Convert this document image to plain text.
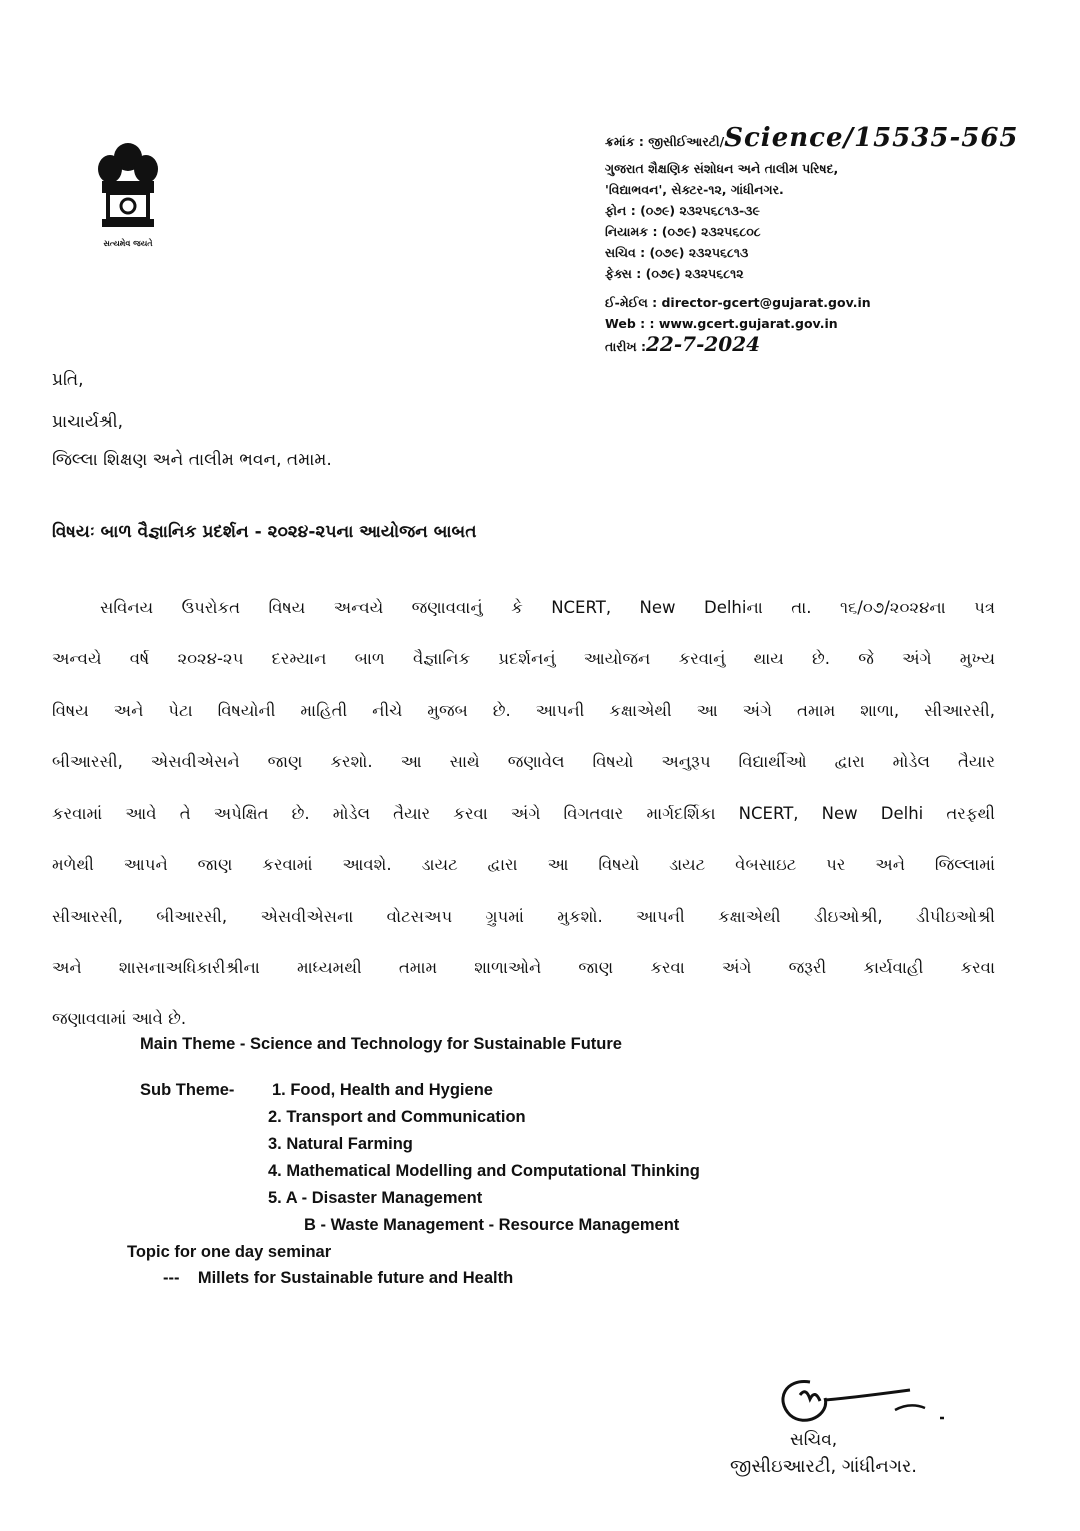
સત્યમેવ જયતે
ક્રમાંક : જીસીઈઆરટી/Science/15535-565
ગુજરાત શૈક્ષણિક સંશોધન અને તાલીમ પરિષદ,
'વિદ્યાભવન', સેક્ટર-૧૨, ગાંધીનગર.
ફોન : (૦૭૯) ૨૩૨૫૬૮૧૩-૩૯
નિયામક : (૦૭૯) ૨૩૨૫૬૮૦૮
સચિવ : (૦૭૯) ૨૩૨૫૬૮૧૩
ફેક્સ : (૦૭૯) ૨૩૨૫૬૮૧૨
ઈ-મેઈલ : director-gcert@gujarat.gov.in
Web : : www.gcert.gujarat.gov.in
તારીખ :22-7-2024
પ્રતિ,
પ્રાચાર્યશ્રી,
જિલ્લા શિક્ષણ અને તાલીમ ભવન, તમામ.
વિષયઃ બાળ વૈજ્ઞાનિક પ્રદર્શન - ૨૦૨૪-૨૫ના આયોજન બાબત
સવિનય ઉપરોકત વિષય અન્વયે જણાવવાનું કે NCERT, New Delhiના તા. ૧૬/૦૭/૨૦૨૪ના પત્ર
અન્વયે વર્ષ ૨૦૨૪-૨૫ દરમ્યાન બાળ વૈજ્ઞાનિક પ્રદર્શનનું આયોજન કરવાનું થાય છે. જે અંગે મુખ્ય
વિષય અને પેટા વિષયોની માહિતી નીચે મુજબ છે. આપની કક્ષાએથી આ અંગે તમામ શાળા, સીઆરસી,
બીઆરસી, એસવીએસને જાણ કરશો. આ સાથે જણાવેલ વિષયો અનુરૂપ વિદ્યાર્થીઓ દ્વારા મોડેલ તૈયાર
કરવામાં આવે તે અપેક્ષિત છે. મોડેલ તૈયાર કરવા અંગે વિગતવાર માર્ગદર્શિકા NCERT, New Delhi તરફથી
મળેથી આપને જાણ કરવામાં આવશે. ડાયટ દ્વારા આ વિષયો ડાયટ વેબસાઇટ પર અને જિલ્લામાં
સીઆરસી, બીઆરસી, એસવીએસના વોટસઅપ ગ્રુપમાં મુકશો. આપની કક્ષાએથી ડીઇઓશ્રી, ડીપીઇઓશ્રી
અને શાસનાઅધિકારીશ્રીના માધ્યમથી તમામ શાળાઓને જાણ કરવા અંગે જરૂરી કાર્યવાહી કરવા
જણાવવામાં આવે છે.
Main Theme - Science and Technology for Sustainable Future
Sub Theme- 1. Food, Health and Hygiene
2. Transport and Communication
3. Natural Farming
4. Mathematical Modelling and Computational Thinking
5. A - Disaster Management
B - Waste Management - Resource Management
Topic for one day seminar
---    Millets for Sustainable future and Health
સચિવ,
જીસીઇઆરટી, ગાંધીનગર.
